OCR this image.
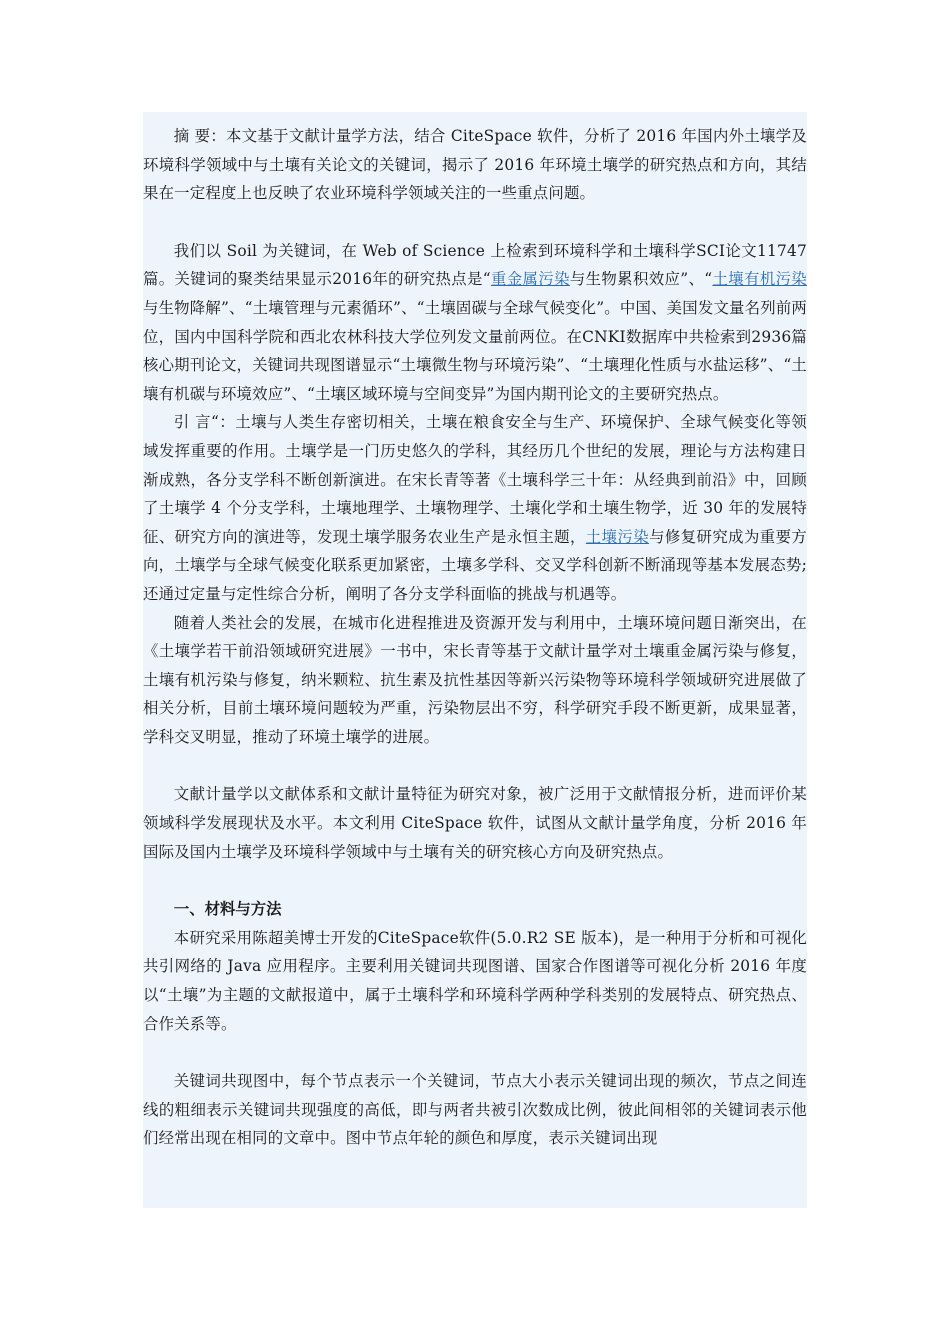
摘 要：本文基于文献计量学方法，结合 CiteSpace 软件，分析了 2016 年国内外土壤学及环境科学领域中与土壤有关论文的关键词，揭示了 2016 年环境土壤学的研究热点和方向，其结果在一定程度上也反映了农业环境科学领域关注的一些重点问题。

我们以 Soil 为关键词，在 Web of Science 上检索到环境科学和土壤科学SCI论文11747篇。关键词的聚类结果显示2016年的研究热点是“重金属污染与生物累积效应”、“土壤有机污染与生物降解”、“土壤管理与元素循环”、“土壤固碳与全球气候变化”。中国、美国发文量名列前两位，国内中国科学院和西北农林科技大学位列发文量前两位。在CNKI数据库中共检索到2936篇核心期刊论文，关键词共现图谱显示“土壤微生物与环境污染”、“土壤理化性质与水盐运移”、“土壤有机碳与环境效应”、“土壤区域环境与空间变异”为国内期刊论文的主要研究热点。

引 言“：土壤与人类生存密切相关，土壤在粮食安全与生产、环境保护、全球气候变化等领域发挥重要的作用。土壤学是一门历史悠久的学科，其经历几个世纪的发展，理论与方法构建日渐成熟，各分支学科不断创新演进。在宋长青等著《土壤科学三十年：从经典到前沿》中，回顾了土壤学 4 个分支学科，土壤地理学、土壤物理学、土壤化学和土壤生物学，近 30 年的发展特征、研究方向的演进等，发现土壤学服务农业生产是永恒主题，土壤污染与修复研究成为重要方向，土壤学与全球气候变化联系更加紧密，土壤多学科、交叉学科创新不断涌现等基本发展态势;还通过定量与定性综合分析，阐明了各分支学科面临的挑战与机遇等。

随着人类社会的发展，在城市化进程推进及资源开发与利用中，土壤环境问题日渐突出，在《土壤学若干前沿领域研究进展》一书中，宋长青等基于文献计量学对土壤重金属污染与修复，土壤有机污染与修复，纳米颗粒、抗生素及抗性基因等新兴污染物等环境科学领域研究进展做了相关分析，目前土壤环境问题较为严重，污染物层出不穷，科学研究手段不断更新，成果显著，学科交叉明显，推动了环境土壤学的进展。

文献计量学以文献体系和文献计量特征为研究对象，被广泛用于文献情报分析，进而评价某领域科学发展现状及水平。本文利用 CiteSpace 软件，试图从文献计量学角度，分析 2016 年国际及国内土壤学及环境科学领域中与土壤有关的研究核心方向及研究热点。

一、材料与方法

本研究采用陈超美博士开发的CiteSpace软件(5.0.R2 SE 版本)，是一种用于分析和可视化共引网络的 Java 应用程序。主要利用关键词共现图谱、国家合作图谱等可视化分析 2016 年度以“土壤”为主题的文献报道中，属于土壤科学和环境科学两种学科类别的发展特点、研究热点、合作关系等。

关键词共现图中，每个节点表示一个关键词，节点大小表示关键词出现的频次，节点之间连线的粗细表示关键词共现强度的高低，即与两者共被引次数成比例，彼此间相邻的关键词表示他们经常出现在相同的文章中。图中节点年轮的颜色和厚度，表示关键词出现
